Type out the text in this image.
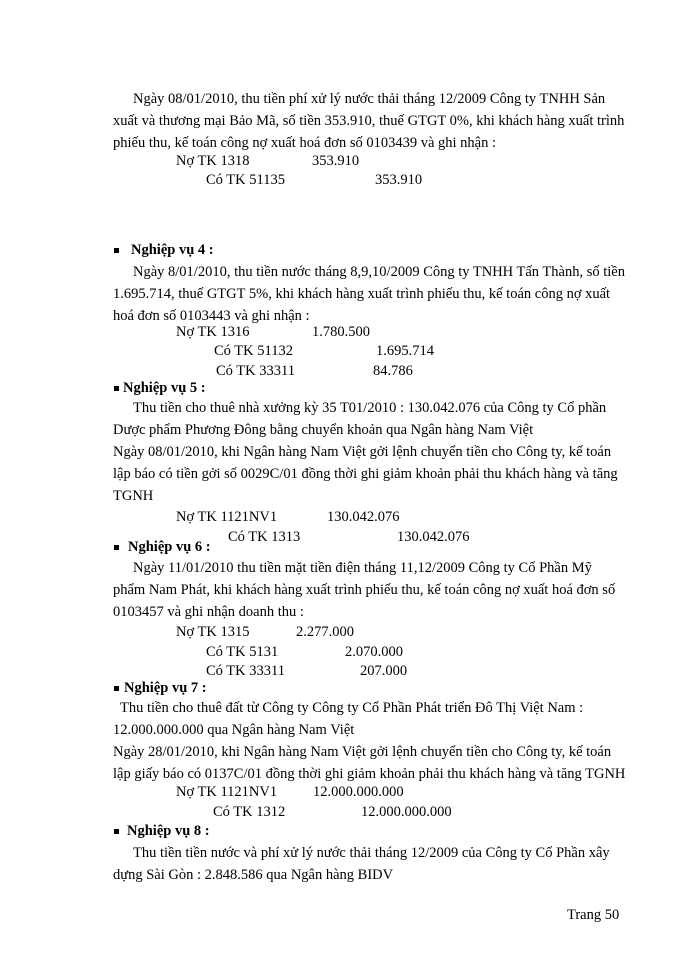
Ngày 08/01/2010, thu tiền phí xử lý nước thải tháng 12/2009 Công ty TNHH Sản
xuất và thương mại Bảo Mã, số tiền 353.910, thuế GTGT 0%, khi khách hàng xuất trình
phiếu thu, kế toán công nợ xuất hoá đơn số 0103439 và ghi nhận :
Nợ TK 1318	353.910
Có TK 51135	353.910
Nghiệp vụ 4 :
Ngày 8/01/2010, thu tiền nước tháng 8,9,10/2009 Công ty TNHH Tấn Thành, số tiền
1.695.714, thuế GTGT 5%, khi khách hàng xuất trình phiếu thu, kế toán công nợ xuất
hoá đơn số 0103443 và ghi nhận :
Nợ TK 1316	1.780.500
Có TK 51132	1.695.714
Có TK 33311	84.786
Nghiệp vụ 5 :
Thu tiền cho thuê nhà xưởng kỳ 35 T01/2010 : 130.042.076 của Công ty Cổ phần
Dược phẩm Phương Đông bằng chuyển khoản qua Ngân hàng Nam Việt
Ngày 08/01/2010, khi Ngân hàng Nam Việt gởi lệnh chuyển tiền cho Công ty, kế toán
lập báo có tiền gởi số 0029C/01 đồng thời ghi giảm khoản phải thu khách hàng và tăng
TGNH
Nợ TK 1121NV1	130.042.076
Có TK 1313	130.042.076
Nghiệp vụ 6 :
Ngày 11/01/2010 thu tiền mặt tiền điện tháng 11,12/2009 Công ty Cổ Phần Mỹ
phẩm Nam Phát, khi khách hàng xuất trình phiếu thu, kế toán công nợ xuất hoá đơn số
0103457 và ghi nhận doanh thu :
Nợ TK 1315	2.277.000
Có TK 5131	2.070.000
Có TK 33311	207.000
Nghiệp vụ 7 :
Thu tiền cho thuê đất từ Công ty Công ty Cổ Phần Phát triển Đô Thị Việt Nam :
12.000.000.000 qua Ngân hàng Nam Việt
Ngày 28/01/2010, khi Ngân hàng Nam Việt gởi lệnh chuyển tiền cho Công ty, kế toán
lập giấy báo có 0137C/01 đồng thời ghi giảm khoản phải thu khách hàng và tăng TGNH
Nợ TK 1121NV1 12.000.000.000
Có TK 1312	12.000.000.000
Nghiệp vụ 8 :
Thu tiền tiền nước và phí xử lý nước thải tháng 12/2009 của Công ty Cổ Phần xây
dựng Sài Gòn : 2.848.586 qua Ngân hàng BIDV
Trang 50
